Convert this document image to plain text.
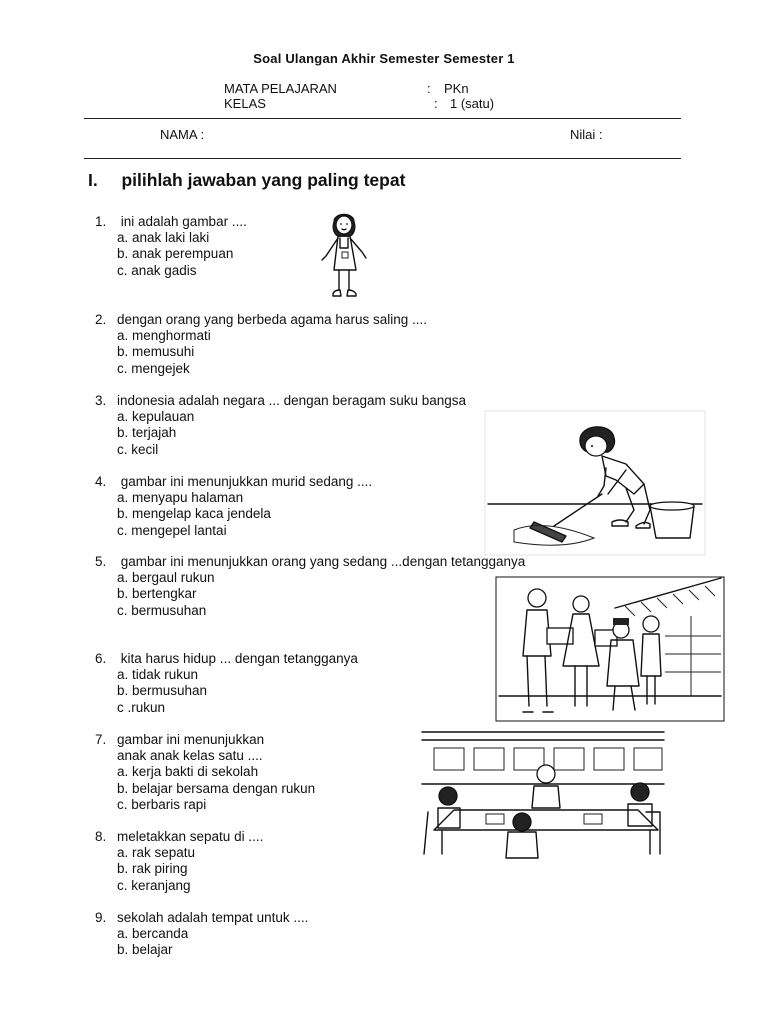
Soal Ulangan Akhir Semester Semester 1
MATA PELAJARAN	: PKn
KELAS	: 1 (satu)
NAMA :	Nilai :
I. pilihlah jawaban yang paling tepat
1. ini adalah gambar ....
a. anak laki laki
b. anak perempuan
c. anak gadis
2. dengan orang yang berbeda agama harus saling ....
a. menghormati
b. memusuhi
c. mengejek
3. indonesia adalah negara ... dengan beragam suku bangsa
a. kepulauan
b. terjajah
c. kecil
4. gambar ini menunjukkan murid sedang ....
a. menyapu halaman
b. mengelap kaca jendela
c. mengepel lantai
5. gambar ini menunjukkan orang yang sedang ...dengan tetangganya
a. bergaul rukun
b. bertengkar
c. bermusuhan
6. kita harus hidup ... dengan tetangganya
a. tidak rukun
b. bermusuhan
c .rukun
7. gambar ini menunjukkan
anak anak kelas satu ....
a. kerja bakti di sekolah
b. belajar bersama dengan rukun
c. berbaris rapi
8. meletakkan sepatu di ....
a. rak sepatu
b. rak piring
c. keranjang
9. sekolah adalah tempat untuk ....
a. bercanda
b. belajar
